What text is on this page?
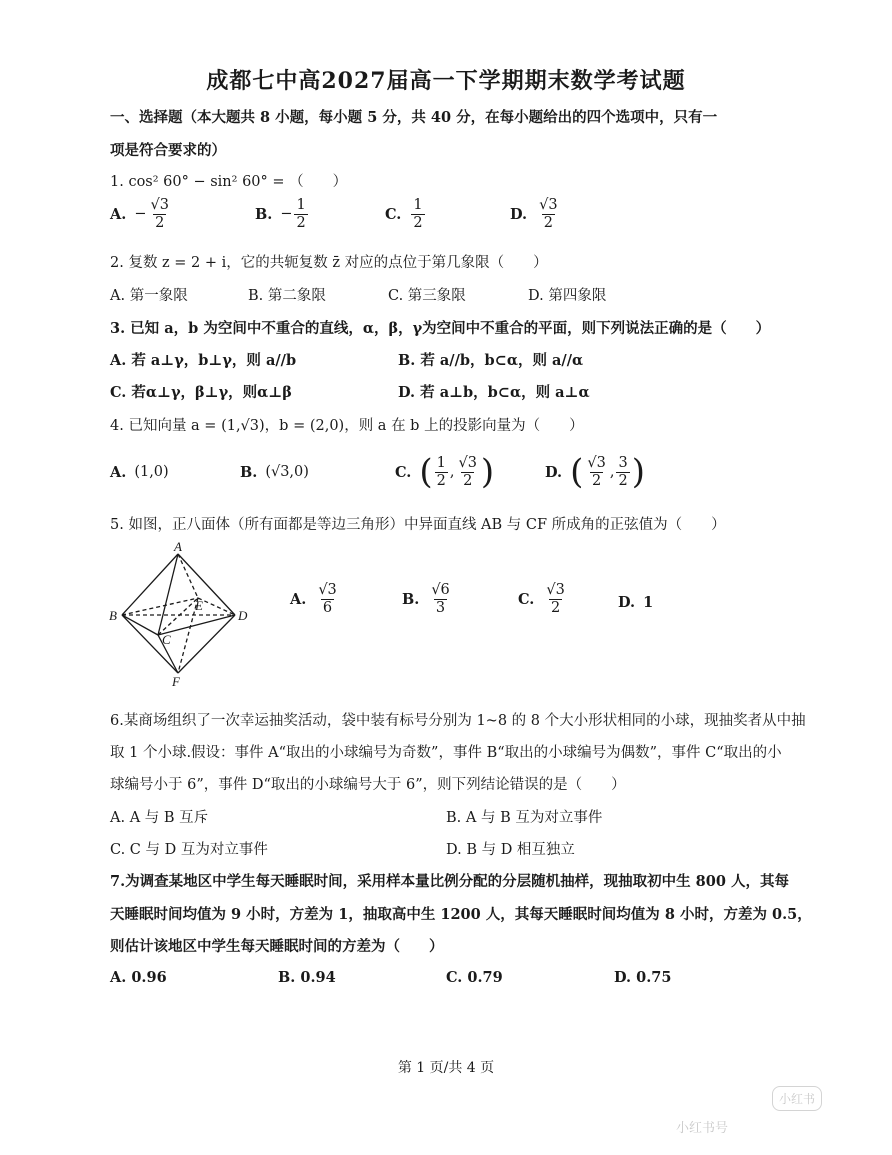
成都七中高2027届高一下学期期末数学考试题
一、选择题（本大题共 8 小题，每小题 5 分，共 40 分，在每小题给出的四个选项中，只有一
项是符合要求的）
1. cos² 60° − sin² 60° = （　　）
A. − $\frac{√3}{2}$	B. − $\frac{1}{2}$	C. $\frac{1}{2}$	D. $\frac{√3}{2}$
2. 复数 z = 2 + i，它的共轭复数 z̄ 对应的点位于第几象限（　　）
A. 第一象限	B. 第二象限	C. 第三象限	D. 第四象限
3. 已知 a，b 为空间中不重合的直线，α，β，γ为空间中不重合的平面，则下列说法正确的是（　　）
A. 若 a⊥γ，b⊥γ，则 a//b	B. 若 a//b，b⊂α，则 a//α
C. 若α⊥γ，β⊥γ，则α⊥β	D. 若 a⊥b，b⊂α，则 a⊥α
4. 已知向量 a = (1,√3)，b = (2,0)，则 a 在 b 上的投影向量为（　　）
A. (1,0)	B. (√3,0)	C. ( $\frac{1}{2}$ , $\frac{√3}{2}$ )	D. ( $\frac{√3}{2}$ , $\frac{3}{2}$ )
5. 如图，正八面体（所有面都是等边三角形）中异面直线 AB 与 CF 所成角的正弦值为（　　）
A
B
C
D
E
F
A. $\frac{√3}{6}$	B. $\frac{√6}{3}$	C. $\frac{√3}{2}$	D. 1
6.某商场组织了一次幸运抽奖活动，袋中装有标号分别为 1~8 的 8 个大小形状相同的小球，现抽奖者从中抽
取 1 个小球.假设：事件 A“取出的小球编号为奇数”，事件 B“取出的小球编号为偶数”，事件 C“取出的小
球编号小于 6”，事件 D“取出的小球编号大于 6”，则下列结论错误的是（　　）
A. A 与 B 互斥	B. A 与 B 互为对立事件
C. C 与 D 互为对立事件	D. B 与 D 相互独立
7.为调查某地区中学生每天睡眠时间，采用样本量比例分配的分层随机抽样，现抽取初中生 800 人，其每
天睡眠时间均值为 9 小时，方差为 1，抽取高中生 1200 人，其每天睡眠时间均值为 8 小时，方差为 0.5，
则估计该地区中学生每天睡眠时间的方差为（　　）
A. 0.96	B. 0.94	C. 0.79	D. 0.75
第 1 页/共 4 页
小红书
小红书号
